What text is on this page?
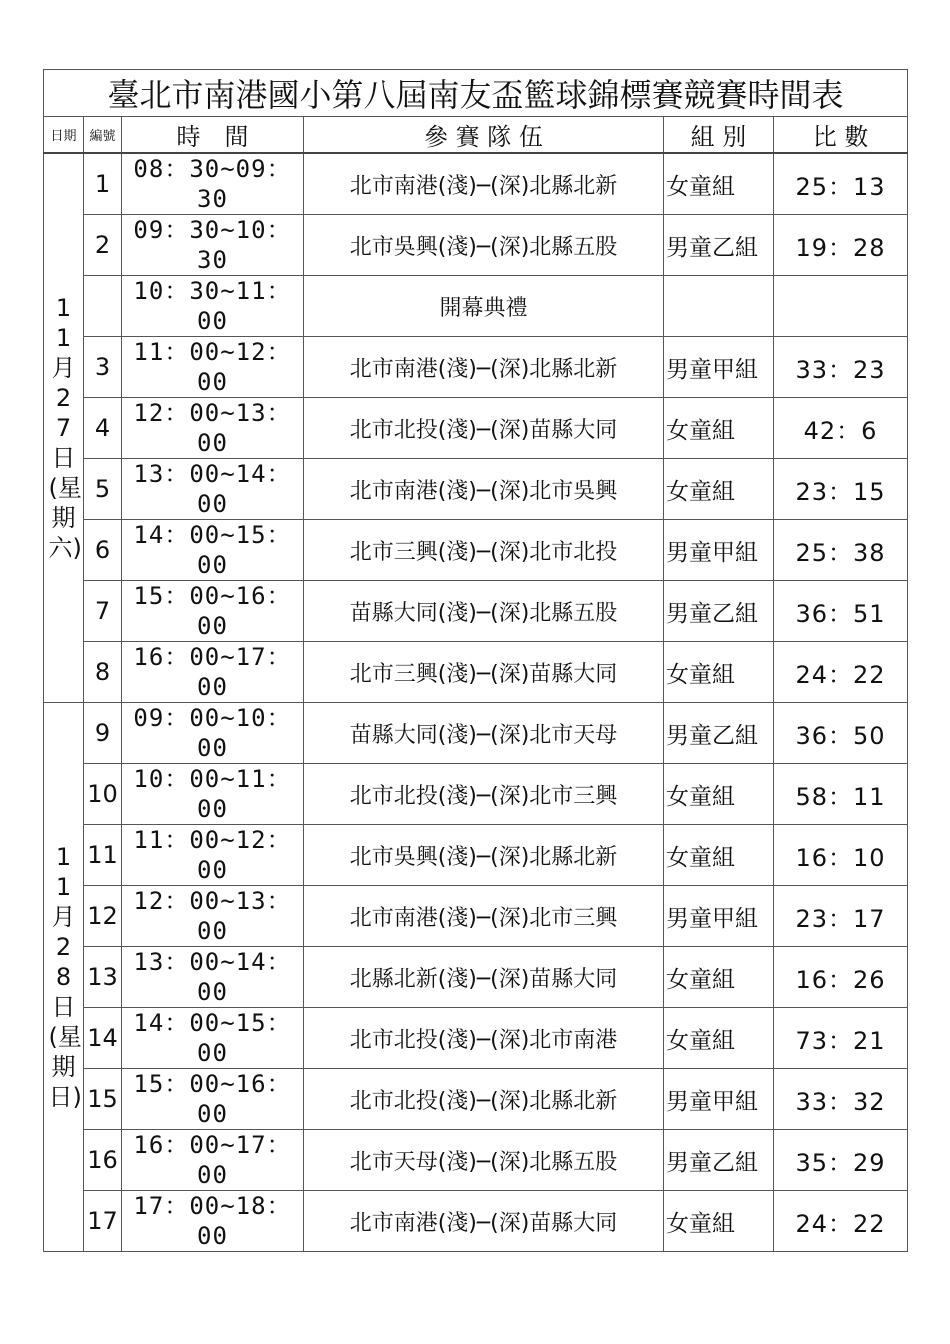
臺北市南港國小第八屆南友盃籃球錦標賽競賽時間表					
日期	編號	時　間	參 賽 隊 伍	組 別	比 數

11月27日(星期六)	1	08：30~09：30	北市南港(淺)─(深)北縣北新	女童組	25：13
	2	09：30~10：30	北市吳興(淺)─(深)北縣五股	男童乙組	19：28

		10：30~11：00	開幕典禮		
	3	11：00~12：00	北市南港(淺)─(深)北縣北新	男童甲組	33：23
	4	12：00~13：00	北市北投(淺)─(深)苗縣大同	女童組	42：6
	5	13：00~14：00	北市南港(淺)─(深)北市吳興	女童組	23：15
	6	14：00~15：00	北市三興(淺)─(深)北市北投	男童甲組	25：38
	7	15：00~16：00	苗縣大同(淺)─(深)北縣五股	男童乙組	36：51
	8	16：00~17：00	北市三興(淺)─(深)苗縣大同	女童組	24：22

11月28日(星期日)	9	09：00~10：00	苗縣大同(淺)─(深)北市天母	男童乙組	36：50
	10	10：00~11：00	北市北投(淺)─(深)北市三興	女童組	58：11
	11	11：00~12：00	北市吳興(淺)─(深)北縣北新	女童組	16：10
	12	12：00~13：00	北市南港(淺)─(深)北市三興	男童甲組	23：17
	13	13：00~14：00	北縣北新(淺)─(深)苗縣大同	女童組	16：26
	14	14：00~15：00	北市北投(淺)─(深)北市南港	女童組	73：21
	15	15：00~16：00	北市北投(淺)─(深)北縣北新	男童甲組	33：32
	16	16：00~17：00	北市天母(淺)─(深)北縣五股	男童乙組	35：29
	17	17：00~18：00	北市南港(淺)─(深)苗縣大同	女童組	24：22
